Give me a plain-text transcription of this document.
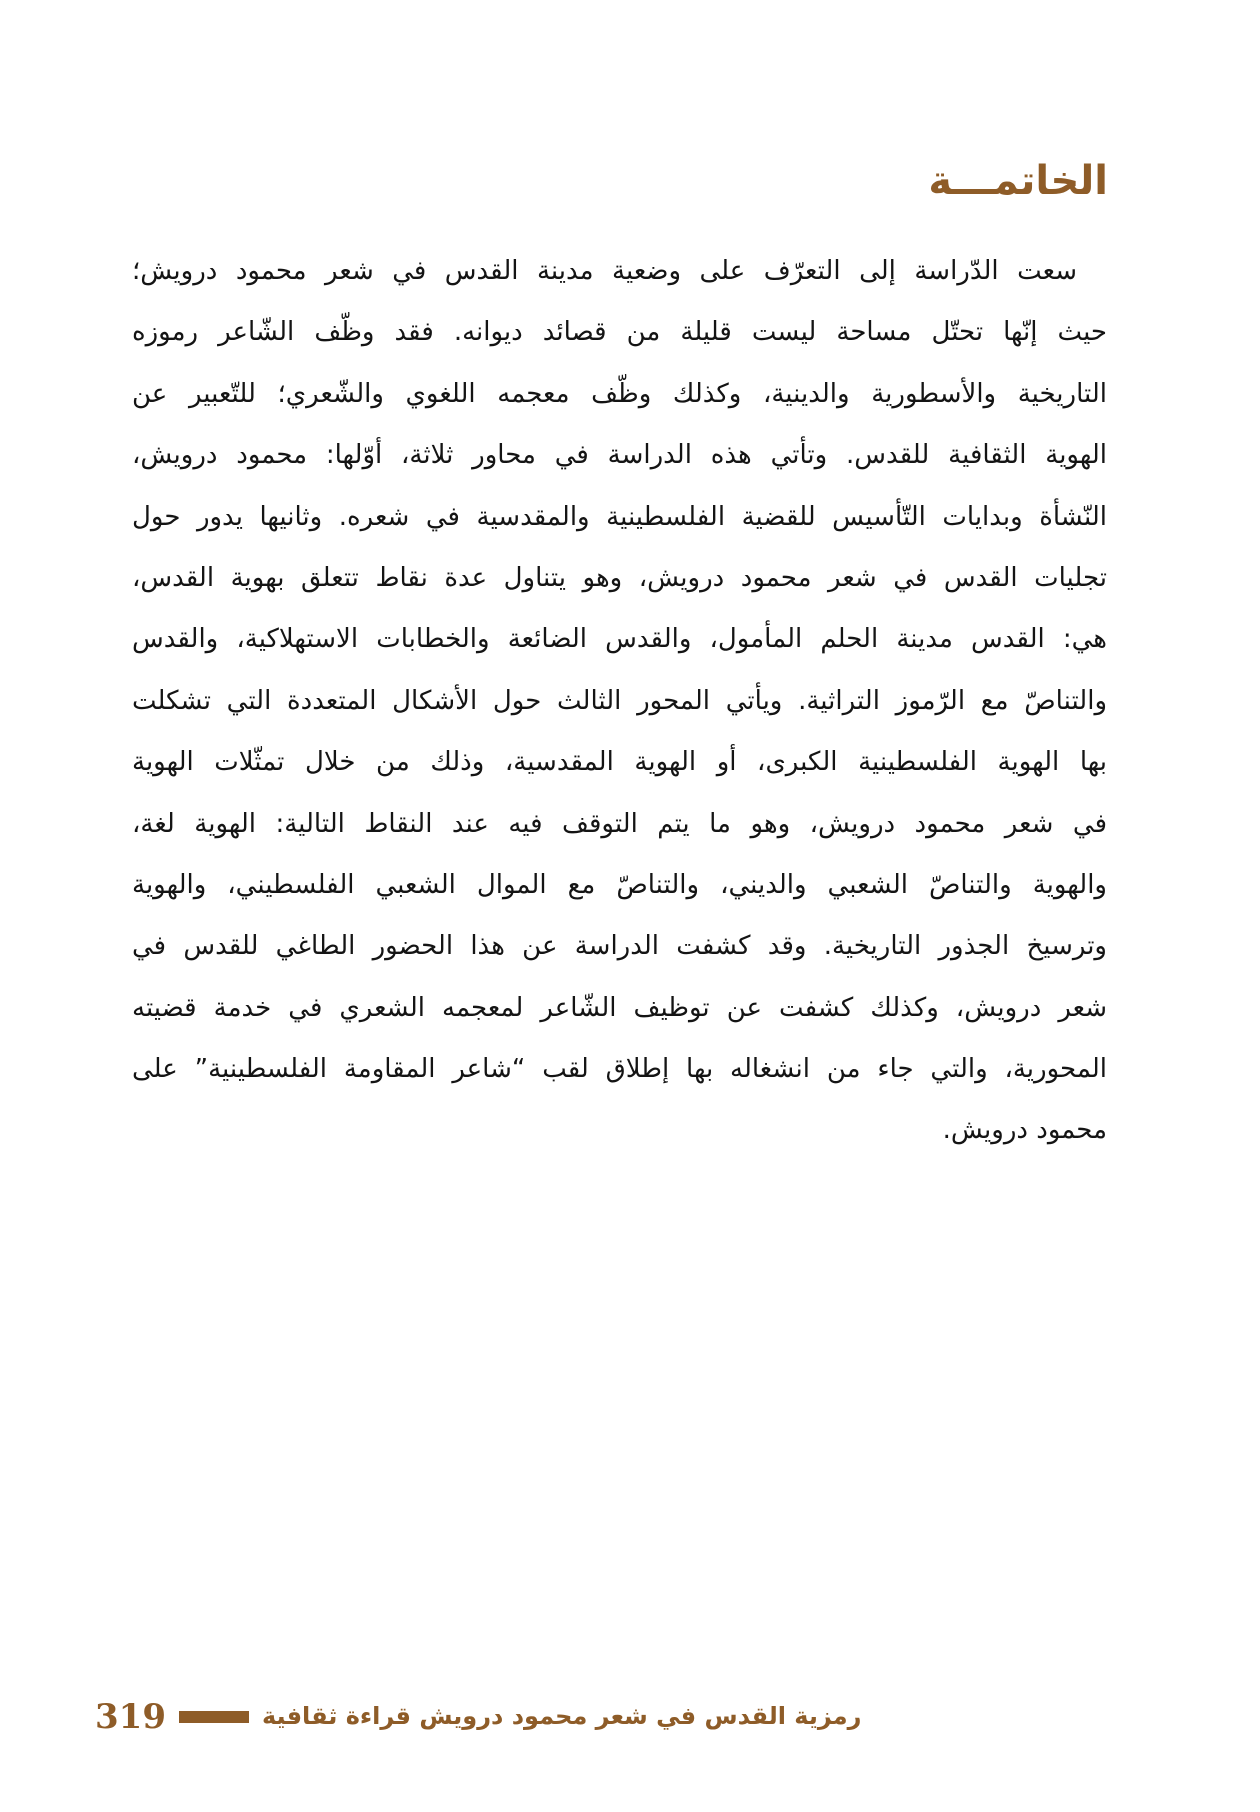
الخاتمـــة
سعت الدّراسة إلى التعرّف على وضعية مدينة القدس في شعر محمود درويش؛
حيث إنّها تحتّل مساحة ليست قليلة من قصائد ديوانه. فقد وظّف الشّاعر رموزه
التاريخية والأسطورية والدينية، وكذلك وظّف معجمه اللغوي والشّعري؛ للتّعبير عن
الهوية الثقافية للقدس. وتأتي هذه الدراسة في محاور ثلاثة، أوّلها: محمود درويش،
النّشأة وبدايات التّأسيس للقضية الفلسطينية والمقدسية في شعره. وثانيها يدور حول
تجليات القدس في شعر محمود درويش، وهو يتناول عدة نقاط تتعلق بهوية القدس،
هي: القدس مدينة الحلم المأمول، والقدس الضائعة والخطابات الاستهلاكية، والقدس
والتناصّ مع الرّموز التراثية. ويأتي المحور الثالث حول الأشكال المتعددة التي تشكلت
بها الهوية الفلسطينية الكبرى، أو الهوية المقدسية، وذلك من خلال تمثّلات الهوية
في شعر محمود درويش، وهو ما يتم التوقف فيه عند النقاط التالية: الهوية لغة،
والهوية والتناصّ الشعبي والديني، والتناصّ مع الموال الشعبي الفلسطيني، والهوية
وترسيخ الجذور التاريخية. وقد كشفت الدراسة عن هذا الحضور الطاغي للقدس في
شعر درويش، وكذلك كشفت عن توظيف الشّاعر لمعجمه الشعري في خدمة قضيته
المحورية، والتي جاء من انشغاله بها إطلاق لقب “شاعر المقاومة الفلسطينية” على
محمود درويش.
319	رمزية القدس في شعر محمود درويش قراءة ثقافية
